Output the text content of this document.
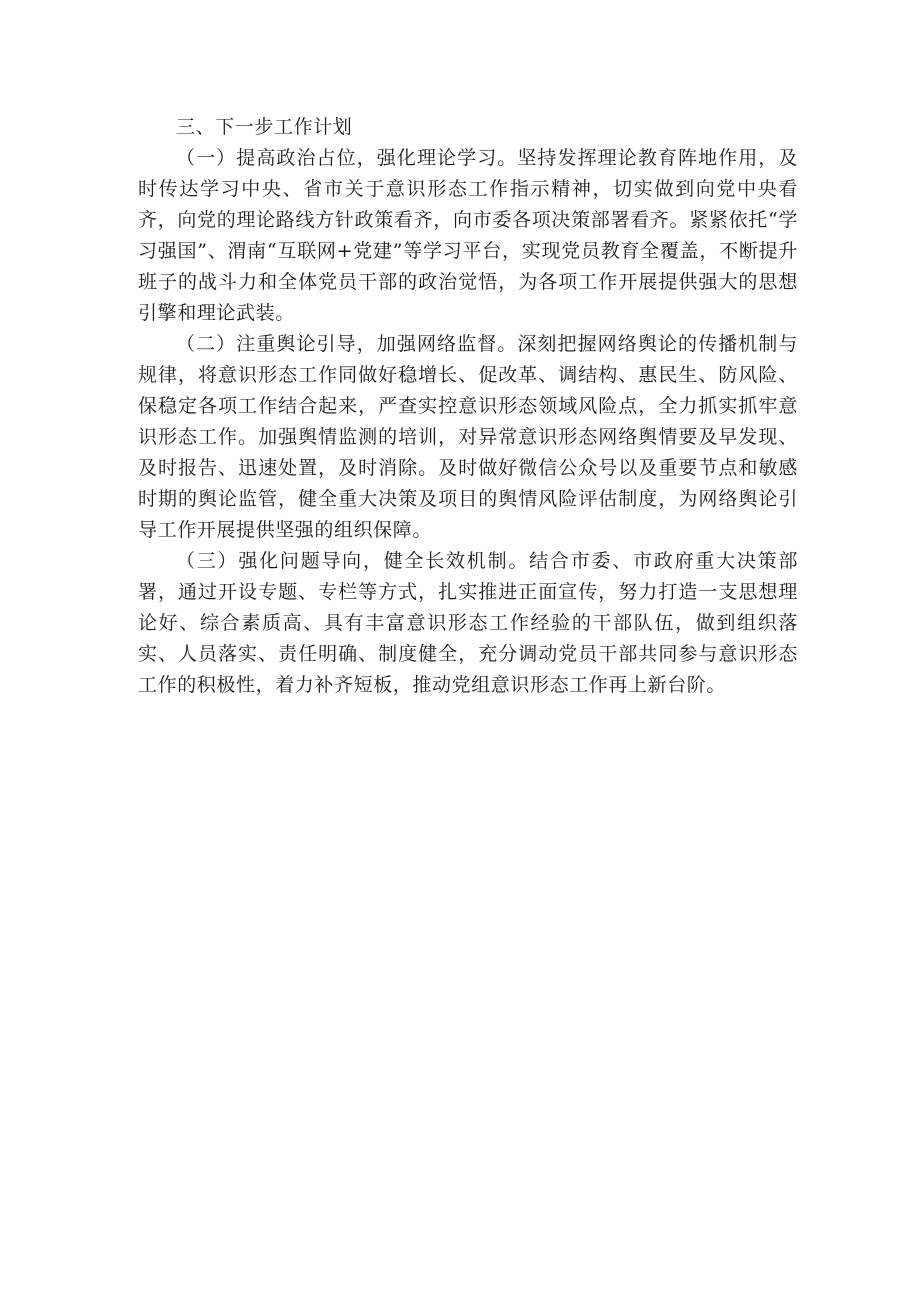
三、下一步工作计划

（一）提高政治占位，强化理论学习。坚持发挥理论教育阵地作用，及时传达学习中央、省市关于意识形态工作指示精神，切实做到向党中央看齐，向党的理论路线方针政策看齐，向市委各项决策部署看齐。紧紧依托“学习强国”、渭南“互联网+党建”等学习平台，实现党员教育全覆盖，不断提升班子的战斗力和全体党员干部的政治觉悟，为各项工作开展提供强大的思想引擎和理论武装。

（二）注重舆论引导，加强网络监督。深刻把握网络舆论的传播机制与规律，将意识形态工作同做好稳增长、促改革、调结构、惠民生、防风险、保稳定各项工作结合起来，严查实控意识形态领域风险点，全力抓实抓牢意识形态工作。加强舆情监测的培训，对异常意识形态网络舆情要及早发现、及时报告、迅速处置，及时消除。及时做好微信公众号以及重要节点和敏感时期的舆论监管，健全重大决策及项目的舆情风险评估制度，为网络舆论引导工作开展提供坚强的组织保障。

（三）强化问题导向，健全长效机制。结合市委、市政府重大决策部署，通过开设专题、专栏等方式，扎实推进正面宣传，努力打造一支思想理论好、综合素质高、具有丰富意识形态工作经验的干部队伍，做到组织落实、人员落实、责任明确、制度健全，充分调动党员干部共同参与意识形态工作的积极性，着力补齐短板，推动党组意识形态工作再上新台阶。
